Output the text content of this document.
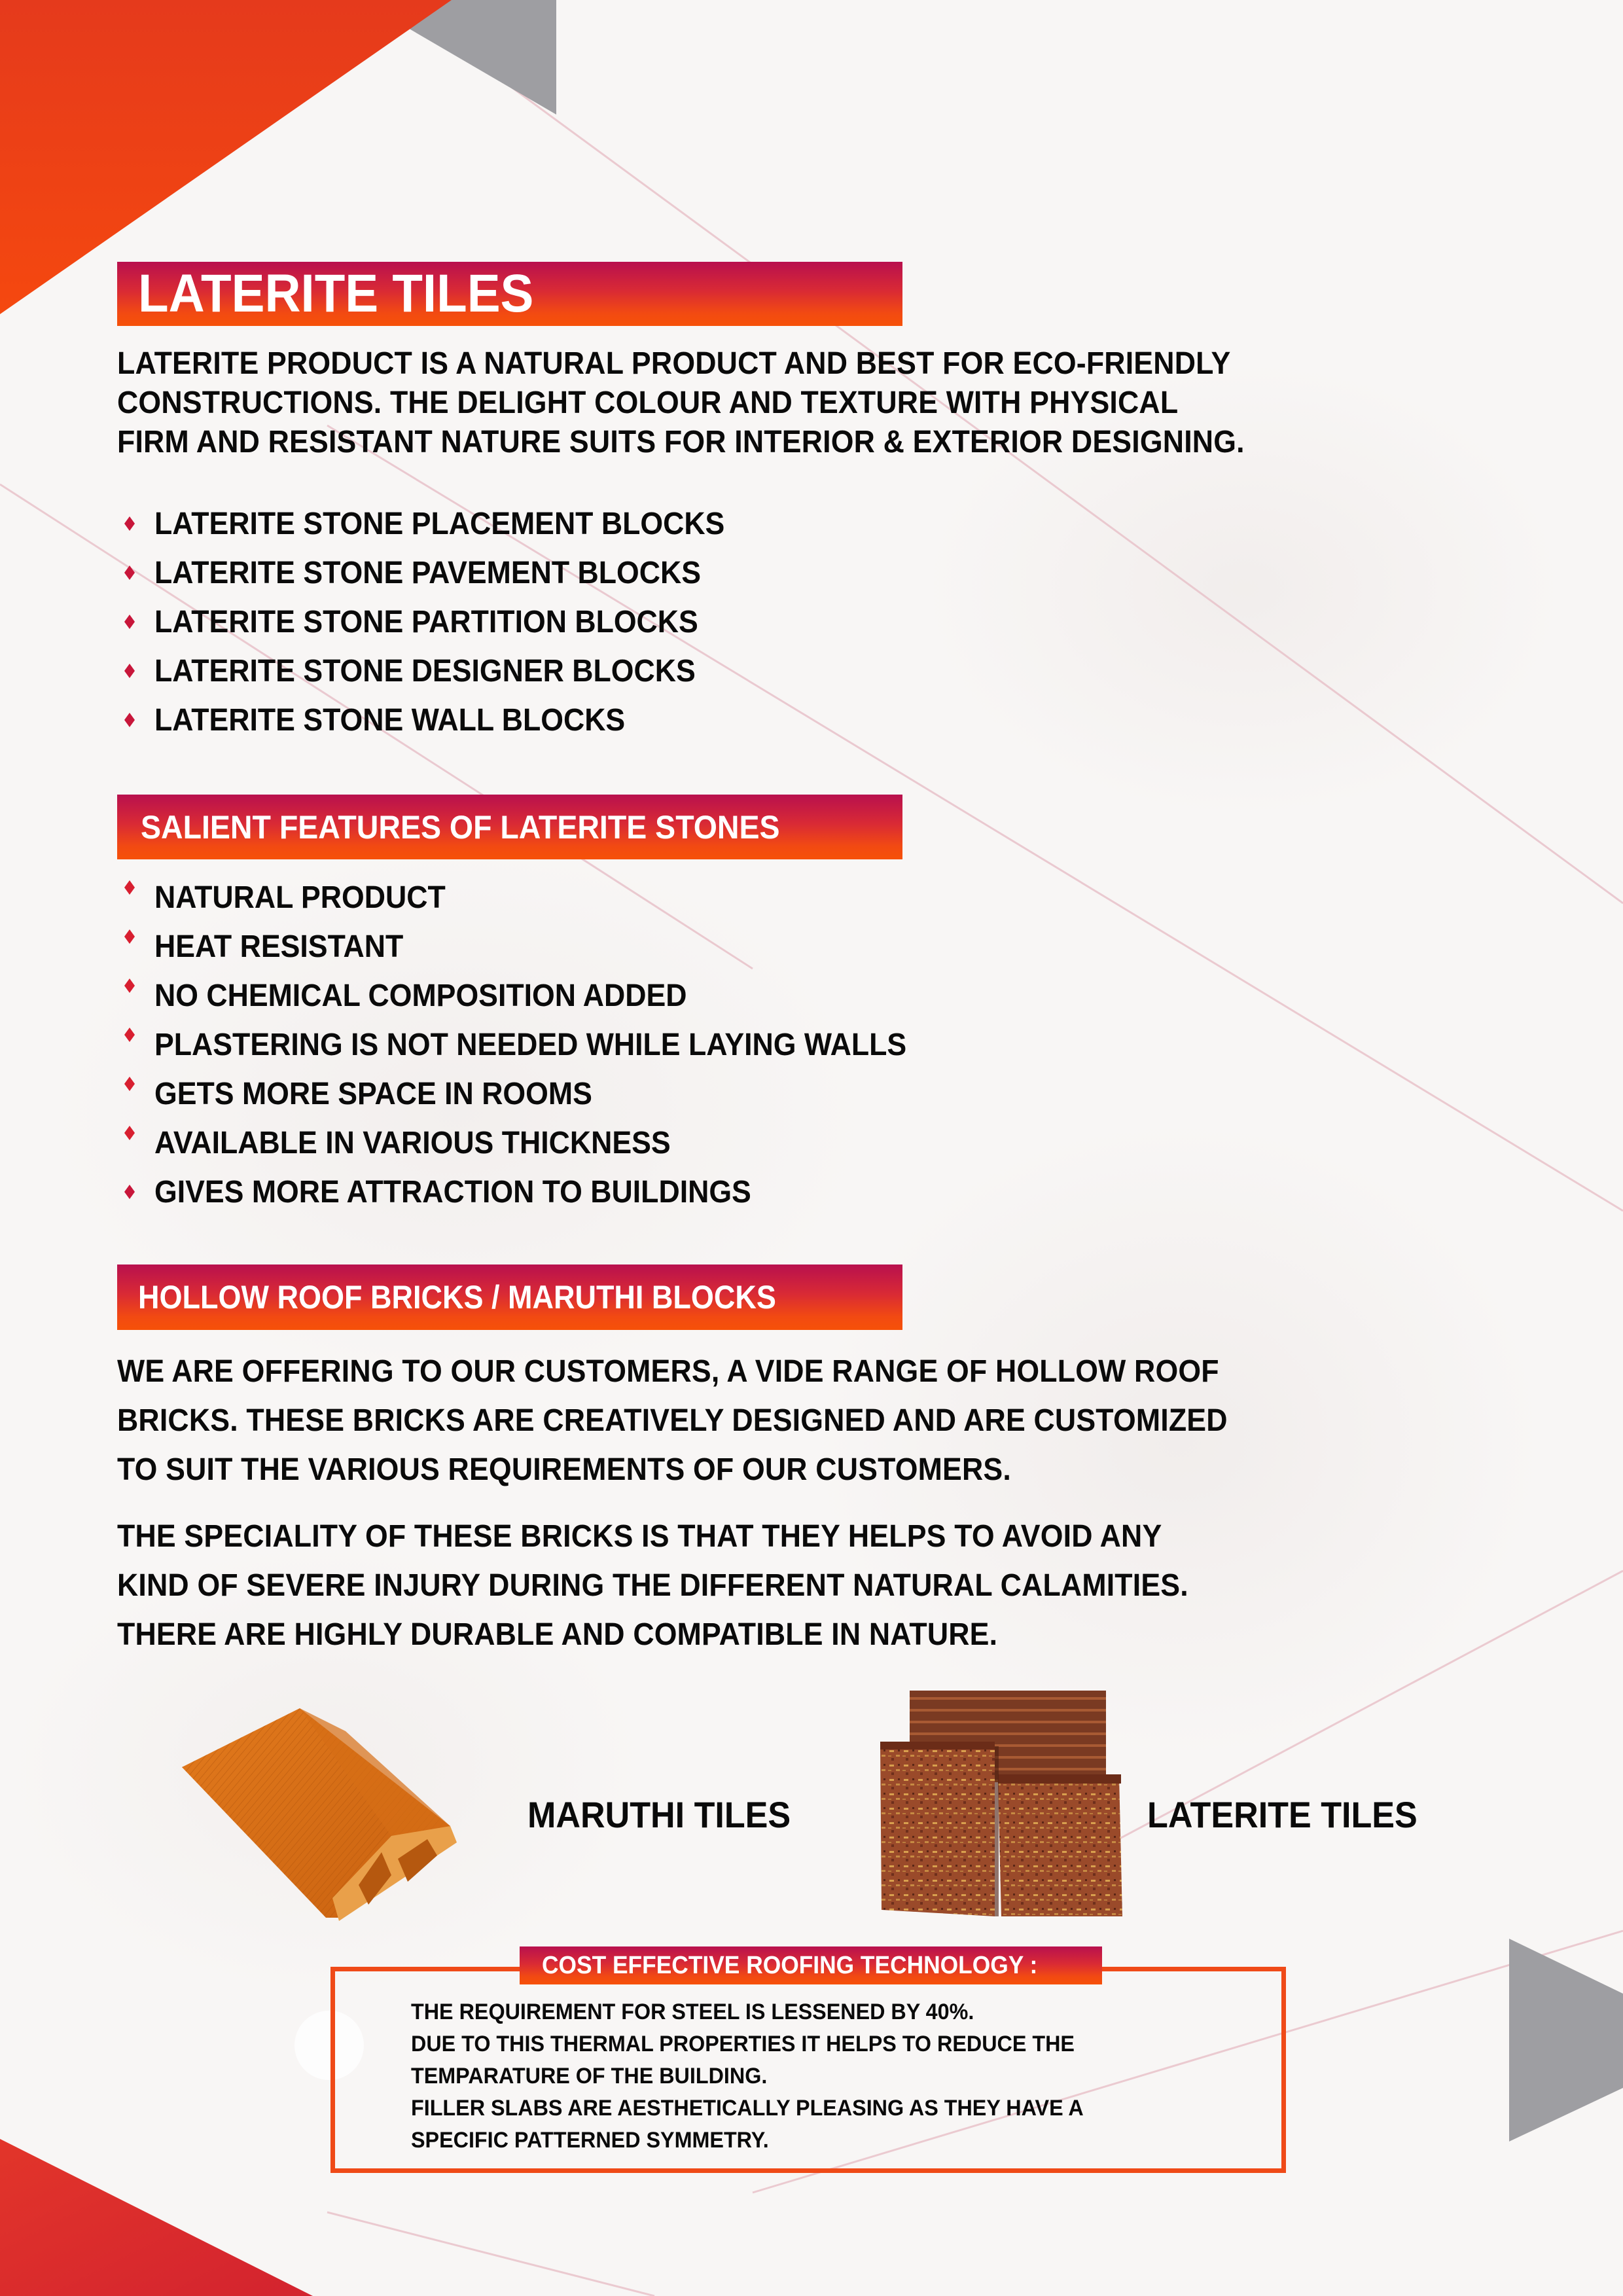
LATERITE TILES
LATERITE PRODUCT IS A NATURAL PRODUCT AND BEST FOR ECO-FRIENDLY
CONSTRUCTIONS. THE DELIGHT COLOUR AND TEXTURE WITH PHYSICAL
FIRM AND RESISTANT NATURE SUITS FOR INTERIOR & EXTERIOR DESIGNING.
LATERITE STONE PLACEMENT BLOCKS
LATERITE STONE PAVEMENT BLOCKS
LATERITE STONE PARTITION BLOCKS
LATERITE STONE DESIGNER BLOCKS
LATERITE STONE WALL BLOCKS
SALIENT FEATURES OF LATERITE STONES
NATURAL PRODUCT
HEAT RESISTANT
NO CHEMICAL COMPOSITION ADDED
PLASTERING IS NOT NEEDED WHILE LAYING WALLS
GETS MORE SPACE IN ROOMS
AVAILABLE IN VARIOUS THICKNESS
GIVES MORE ATTRACTION TO BUILDINGS
HOLLOW ROOF BRICKS / MARUTHI BLOCKS
WE ARE OFFERING TO OUR CUSTOMERS, A VIDE RANGE OF HOLLOW ROOF
BRICKS. THESE BRICKS ARE CREATIVELY DESIGNED AND ARE CUSTOMIZED
TO SUIT THE VARIOUS REQUIREMENTS OF OUR CUSTOMERS.
THE SPECIALITY OF THESE BRICKS IS THAT THEY HELPS TO AVOID ANY
KIND OF SEVERE INJURY DURING THE DIFFERENT NATURAL CALAMITIES.
THERE ARE HIGHLY DURABLE AND COMPATIBLE IN NATURE.
MARUTHI TILES	LATERITE TILES
COST EFFECTIVE ROOFING TECHNOLOGY :
THE REQUIREMENT FOR STEEL IS LESSENED BY 40%.
DUE TO THIS THERMAL PROPERTIES IT HELPS TO REDUCE THE
TEMPARATURE OF THE BUILDING.
FILLER SLABS ARE AESTHETICALLY PLEASING AS THEY HAVE A
SPECIFIC PATTERNED SYMMETRY.
